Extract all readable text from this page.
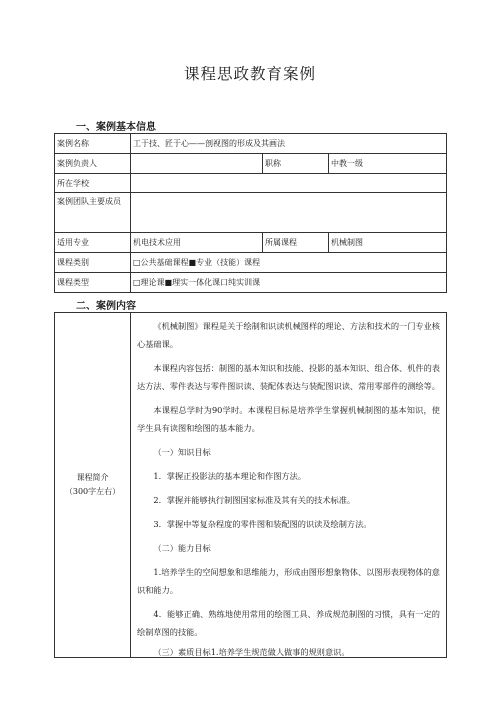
课程思政教育案例
一、案例基本信息
案例名称	工于技、匠于心——剖视图的形成及其画法		
案例负责人		职称	中教一级
所在学校			
案例团队主要成员			
适用专业	机电技术应用	所属课程	机械制图
课程类别	□公共基础课程■专业（技能）课程		
课程类型	□理论课■理实一体化课口纯实训课		
二、案例内容
课程简介
（300字左右）

《机械制图》课程是关于绘制和识读机械图样的理论、方法和技术的一门专业核心基础课。

本课程内容包括：制图的基本知识和技能、投影的基本知识、组合体、机件的表达方法、零件表达与零件图识读、装配体表达与装配图识读、常用零部件的测绘等。

本课程总学时为90学时。本课程目标是培养学生掌握机械制图的基本知识，使学生具有读图和绘图的基本能力。

（一）知识目标

1．掌握正投影法的基本理论和作图方法。

2．掌握并能够执行制图国家标准及其有关的技术标准。

3．掌握中等复杂程度的零件图和装配图的识读及绘制方法。

（二）能力目标

1.培养学生的空间想象和思维能力，形成由图形想象物体、以图形表现物体的意识和能力。

4．能够正确、熟练地使用常用的绘图工具、养成规范制图的习惯，具有一定的绘制草图的技能。

（三）素质目标1.培养学生规范做人做事的规则意识。
